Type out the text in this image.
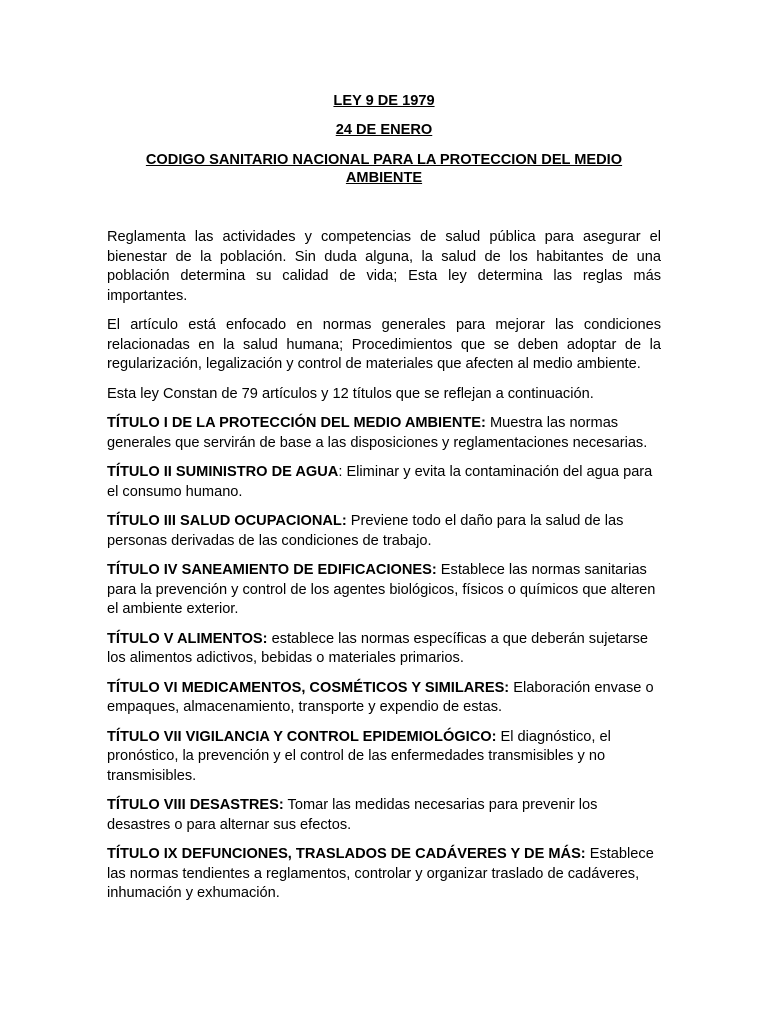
LEY 9 DE 1979
24 DE ENERO
CODIGO SANITARIO NACIONAL PARA LA PROTECCION DEL MEDIO AMBIENTE

Reglamenta las actividades y competencias de salud pública para asegurar el bienestar de la población. Sin duda alguna, la salud de los habitantes de una población determina su calidad de vida; Esta ley determina las reglas más importantes.

El artículo está enfocado en normas generales para mejorar las condiciones relacionadas en la salud humana; Procedimientos que se deben adoptar de la regularización, legalización y control de materiales que afecten al medio ambiente.

Esta ley Constan de 79 artículos y 12 títulos que se reflejan a continuación.

TÍTULO I DE LA PROTECCIÓN DEL MEDIO AMBIENTE: Muestra las normas generales que servirán de base a las disposiciones y reglamentaciones necesarias.

TÍTULO II SUMINISTRO DE AGUA: Eliminar y evita la contaminación del agua para el consumo humano.

TÍTULO III SALUD OCUPACIONAL: Previene todo el daño para la salud de las personas derivadas de las condiciones de trabajo.

TÍTULO IV SANEAMIENTO DE EDIFICACIONES: Establece las normas sanitarias para la prevención y control de los agentes biológicos, físicos o químicos que alteren el ambiente exterior.

TÍTULO V ALIMENTOS: establece las normas específicas a que deberán sujetarse los alimentos adictivos, bebidas o materiales primarios.

TÍTULO VI MEDICAMENTOS, COSMÉTICOS Y SIMILARES: Elaboración envase o empaques, almacenamiento, transporte y expendio de estas.

TÍTULO VII VIGILANCIA Y CONTROL EPIDEMIOLÓGICO: El diagnóstico, el pronóstico, la prevención y el control de las enfermedades transmisibles y no transmisibles.

TÍTULO VIII DESASTRES: Tomar las medidas necesarias para prevenir los desastres o para alternar sus efectos.

TÍTULO IX DEFUNCIONES, TRASLADOS DE CADÁVERES Y DE MÁS: Establece las normas tendientes a reglamentos, controlar y organizar traslado de cadáveres, inhumación y exhumación.
